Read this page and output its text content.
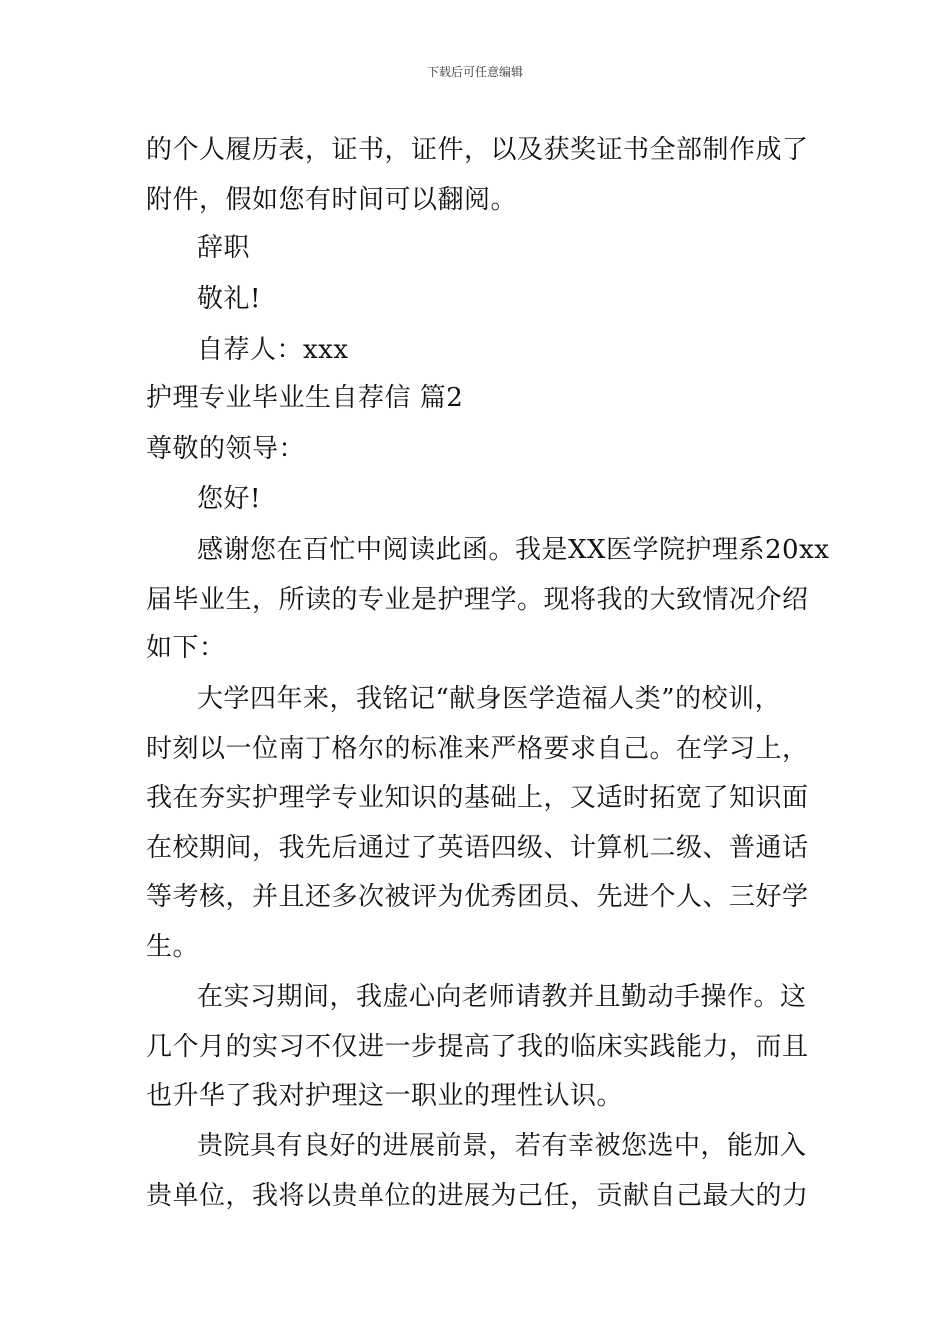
下载后可任意编辑
的个人履历表，证书，证件，以及获奖证书全部制作成了
附件，假如您有时间可以翻阅。
辞职
敬礼!
自荐人：xxx
护理专业毕业生自荐信 篇2
尊敬的领导：
您好!
感谢您在百忙中阅读此函。我是XX医学院护理系20xx
届毕业生，所读的专业是护理学。现将我的大致情况介绍
如下：
大学四年来，我铭记“献身医学造福人类”的校训，
时刻以一位南丁格尔的标准来严格要求自己。在学习上，
我在夯实护理学专业知识的基础上，又适时拓宽了知识面
在校期间，我先后通过了英语四级、计算机二级、普通话
等考核，并且还多次被评为优秀团员、先进个人、三好学
生。
在实习期间，我虚心向老师请教并且勤动手操作。这
几个月的实习不仅进一步提高了我的临床实践能力，而且
也升华了我对护理这一职业的理性认识。
贵院具有良好的进展前景，若有幸被您选中，能加入
贵单位，我将以贵单位的进展为己任，贡献自己最大的力
